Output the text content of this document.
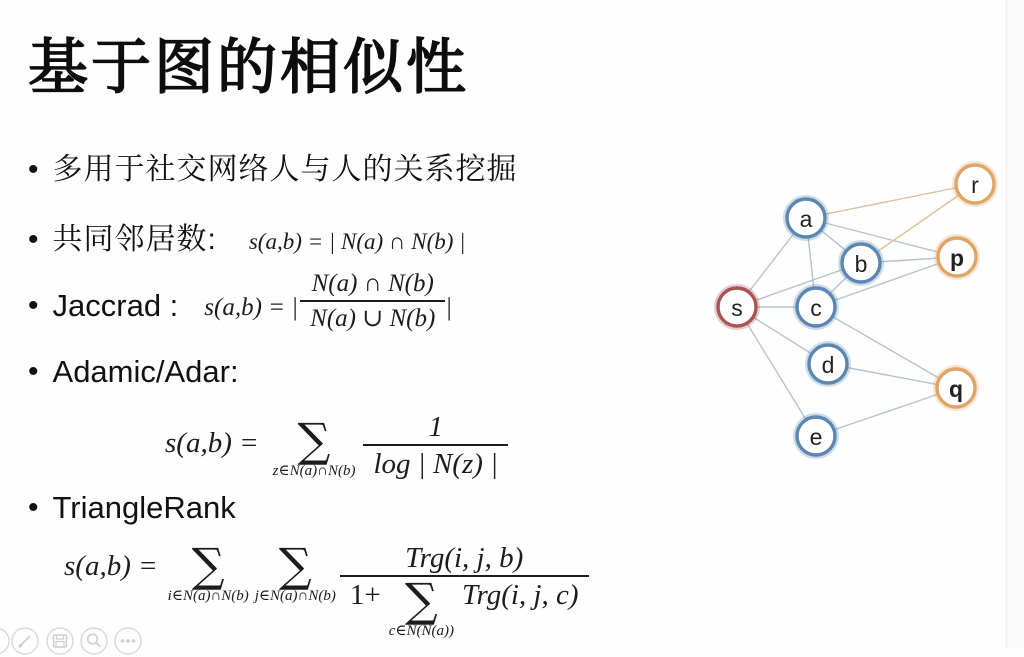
基于图的相似性
• 多用于社交网络人与人的关系挖掘
• 共同邻居数: s(a,b) = | N(a) ∩ N(b) |
• Jaccrad : s(a,b) = | $\frac{N(a) \cap N(b)}{N(a) \cup N(b)}$ |
• Adamic/Adar:
s(a,b) = ∑
z∈N(a)∩N(b) $\frac{1}{\log | N(z) |}$
• TriangleRank
s(a,b) = ∑
i∈N(a)∩N(b)
∑
j∈N(a)∩N(b)
Trg(i, j, b)
1+ ∑
c∈N(N(a))
Trg(i, j, c)
s
a
b
c
d
e
r
p
q
